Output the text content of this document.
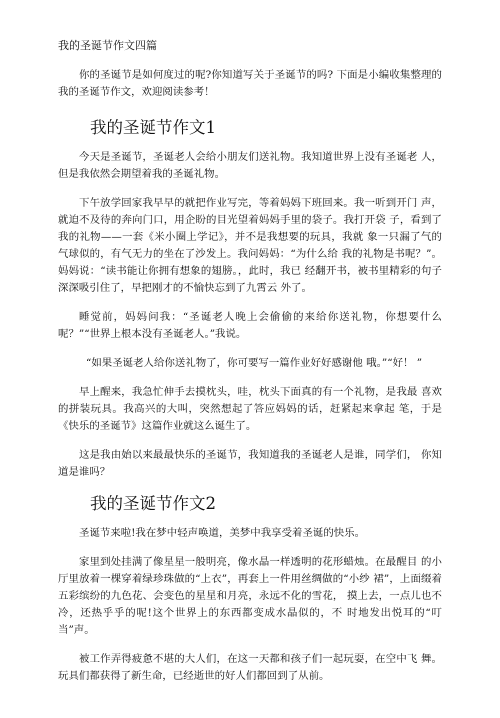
我的圣诞节作文四篇

你的圣诞节是如何度过的呢?你知道写关于圣诞节的吗? 下面是小编收集整理的我的圣诞节作文，欢迎阅读参考！

我的圣诞节作文1

今天是圣诞节，圣诞老人会给小朋友们送礼物。我知道世界上没有圣诞老 人，但是我依然会期望着我的圣诞礼物。

下午放学回家我早早的就把作业写完，等着妈妈下班回来。我一听到开门 声，就迫不及待的奔向门口，用企盼的目光望着妈妈手里的袋子。我打开袋 子，看到了我的礼物——一套《米小圈上学记》，并不是我想要的玩具，我就 象一只漏了气的气球似的，有气无力的坐在了沙发上。我问妈妈：“为什么给 我的礼物是书呢？”。妈妈说：“读书能让你拥有想象的翅膀。，此时，我已 经翻开书，被书里精彩的句子深深吸引住了，早把刚才的不愉快忘到了九霄云 外了。

睡觉前，妈妈问我：“圣诞老人晚上会偷偷的来给你送礼物，你想要什么 呢？”“世界上根本没有圣诞老人。”我说。

“如果圣诞老人给你送礼物了，你可要写一篇作业好好感谢他 哦。”“好！ ”

早上醒来，我急忙伸手去摸枕头，哇，枕头下面真的有一个礼物，是我最 喜欢的拼装玩具。我高兴的大叫，突然想起了答应妈妈的话，赶紧起来拿起 笔，于是《快乐的圣诞节》这篇作业就这么诞生了。

这是我由始以来最最快乐的圣诞节，我知道我的圣诞老人是谁，同学们， 你知道是谁吗？

我的圣诞节作文2

圣诞节来啦!我在梦中轻声唤道，美梦中我享受着圣诞的快乐。

家里到处挂满了像星星一般明亮，像水晶一样透明的花形蜡烛。在最醒目 的小厅里放着一棵穿着绿珍珠做的“上衣”，再套上一件用丝绸做的“小纱 裙”，上面缀着五彩缤纷的九色花、会变色的星星和月亮，永远不化的雪花， 摸上去，一点儿也不冷，还热乎乎的呢!这个世界上的东西都变成水晶似的，不 时地发出悦耳的“叮当”声。

被工作弄得疲惫不堪的大人们，在这一天都和孩子们一起玩耍，在空中飞 舞。玩具们都获得了新生命，已经逝世的好人们都回到了从前。
